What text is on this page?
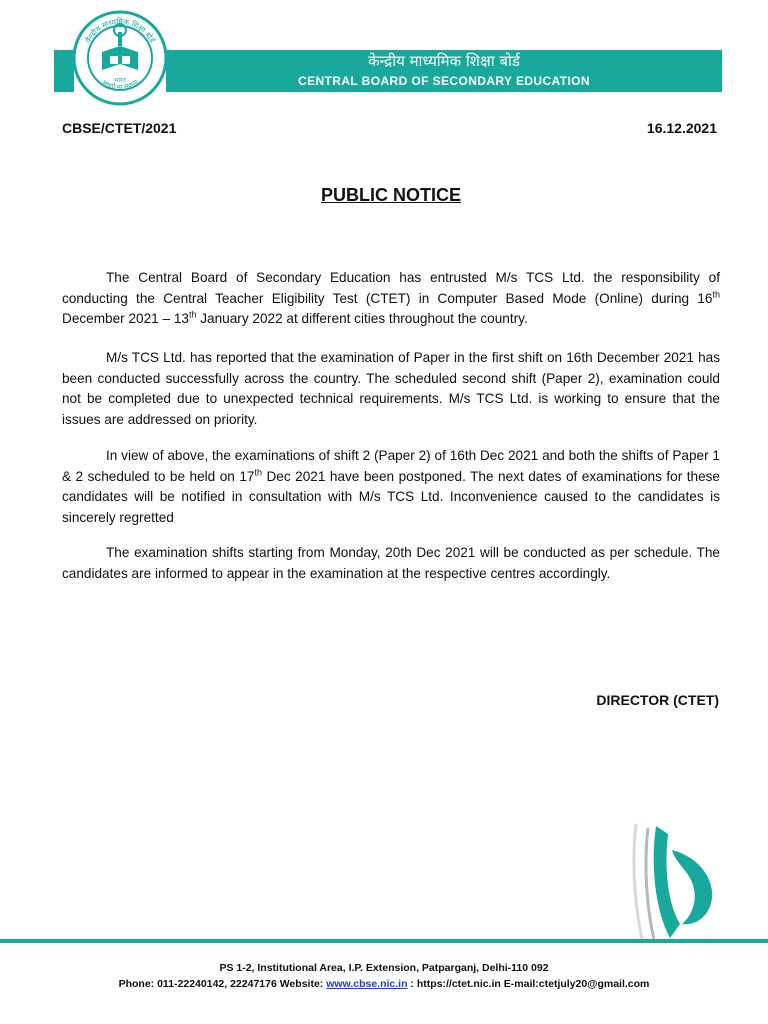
केन्द्रीय माध्यमिक शिक्षा बोर्ड
असतो मा सद्गमय
भारत
केन्द्रीय माध्यमिक शिक्षा बोर्ड
CENTRAL BOARD OF SECONDARY EDUCATION
CBSE/CTET/2021	16.12.2021
PUBLIC NOTICE

The Central Board of Secondary Education has entrusted M/s TCS Ltd. the responsibility of conducting the Central Teacher Eligibility Test (CTET) in Computer Based Mode (Online) during 16th December 2021 – 13th January 2022 at different cities throughout the country.

M/s TCS Ltd. has reported that the examination of Paper in the first shift on 16th December 2021 has been conducted successfully across the country. The scheduled second shift (Paper 2), examination could not be completed due to unexpected technical requirements. M/s TCS Ltd. is working to ensure that the issues are addressed on priority.

In view of above, the examinations of shift 2 (Paper 2) of 16th Dec 2021 and both the shifts of Paper 1 & 2 scheduled to be held on 17th Dec 2021 have been postponed. The next dates of examinations for these candidates will be notified in consultation with M/s TCS Ltd. Inconvenience caused to the candidates is sincerely regretted

The examination shifts starting from Monday, 20th Dec 2021 will be conducted as per schedule. The candidates are informed to appear in the examination at the respective centres accordingly.

DIRECTOR (CTET)
PS 1-2, Institutional Area, I.P. Extension, Patparganj, Delhi-110 092
Phone: 011-22240142, 22247176 Website: www.cbse.nic.in : https://ctet.nic.in E-mail:ctetjuly20@gmail.com
